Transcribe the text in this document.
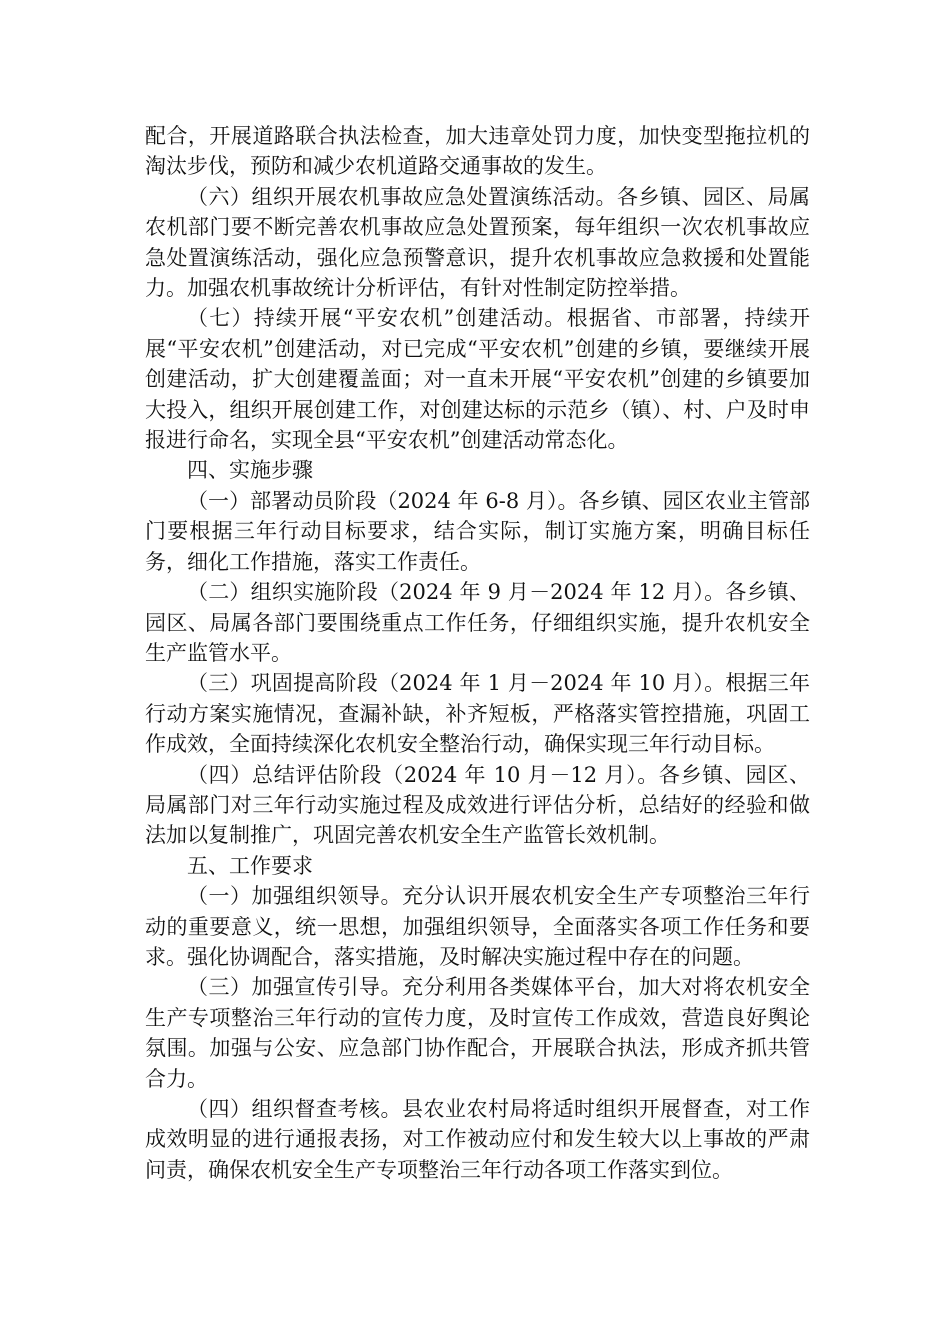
配合，开展道路联合执法检查，加大违章处罚力度，加快变型拖拉机的淘汰步伐，预防和减少农机道路交通事故的发生。

（六）组织开展农机事故应急处置演练活动。各乡镇、园区、局属农机部门要不断完善农机事故应急处置预案，每年组织一次农机事故应急处置演练活动，强化应急预警意识，提升农机事故应急救援和处置能力。加强农机事故统计分析评估，有针对性制定防控举措。

（七）持续开展“平安农机”创建活动。根据省、市部署，持续开展“平安农机”创建活动，对已完成“平安农机”创建的乡镇，要继续开展创建活动，扩大创建覆盖面；对一直未开展“平安农机”创建的乡镇要加大投入，组织开展创建工作，对创建达标的示范乡（镇）、村、户及时申报进行命名，实现全县“平安农机”创建活动常态化。

四、实施步骤

（一）部署动员阶段（2024 年 6-8 月）。各乡镇、园区农业主管部门要根据三年行动目标要求，结合实际，制订实施方案，明确目标任务，细化工作措施，落实工作责任。

（二）组织实施阶段（2024 年 9 月－2024 年 12 月）。各乡镇、园区、局属各部门要围绕重点工作任务，仔细组织实施，提升农机安全生产监管水平。

（三）巩固提高阶段（2024 年 1 月－2024 年 10 月）。根据三年行动方案实施情况，查漏补缺，补齐短板，严格落实管控措施，巩固工作成效，全面持续深化农机安全整治行动，确保实现三年行动目标。

（四）总结评估阶段（2024 年 10 月－12 月）。各乡镇、园区、局属部门对三年行动实施过程及成效进行评估分析，总结好的经验和做法加以复制推广，巩固完善农机安全生产监管长效机制。

五、工作要求

（一）加强组织领导。充分认识开展农机安全生产专项整治三年行动的重要意义，统一思想，加强组织领导，全面落实各项工作任务和要求。强化协调配合，落实措施，及时解决实施过程中存在的问题。

（三）加强宣传引导。充分利用各类媒体平台，加大对将农机安全生产专项整治三年行动的宣传力度，及时宣传工作成效，营造良好舆论氛围。加强与公安、应急部门协作配合，开展联合执法，形成齐抓共管合力。

（四）组织督查考核。县农业农村局将适时组织开展督查，对工作成效明显的进行通报表扬，对工作被动应付和发生较大以上事故的严肃问责，确保农机安全生产专项整治三年行动各项工作落实到位。
